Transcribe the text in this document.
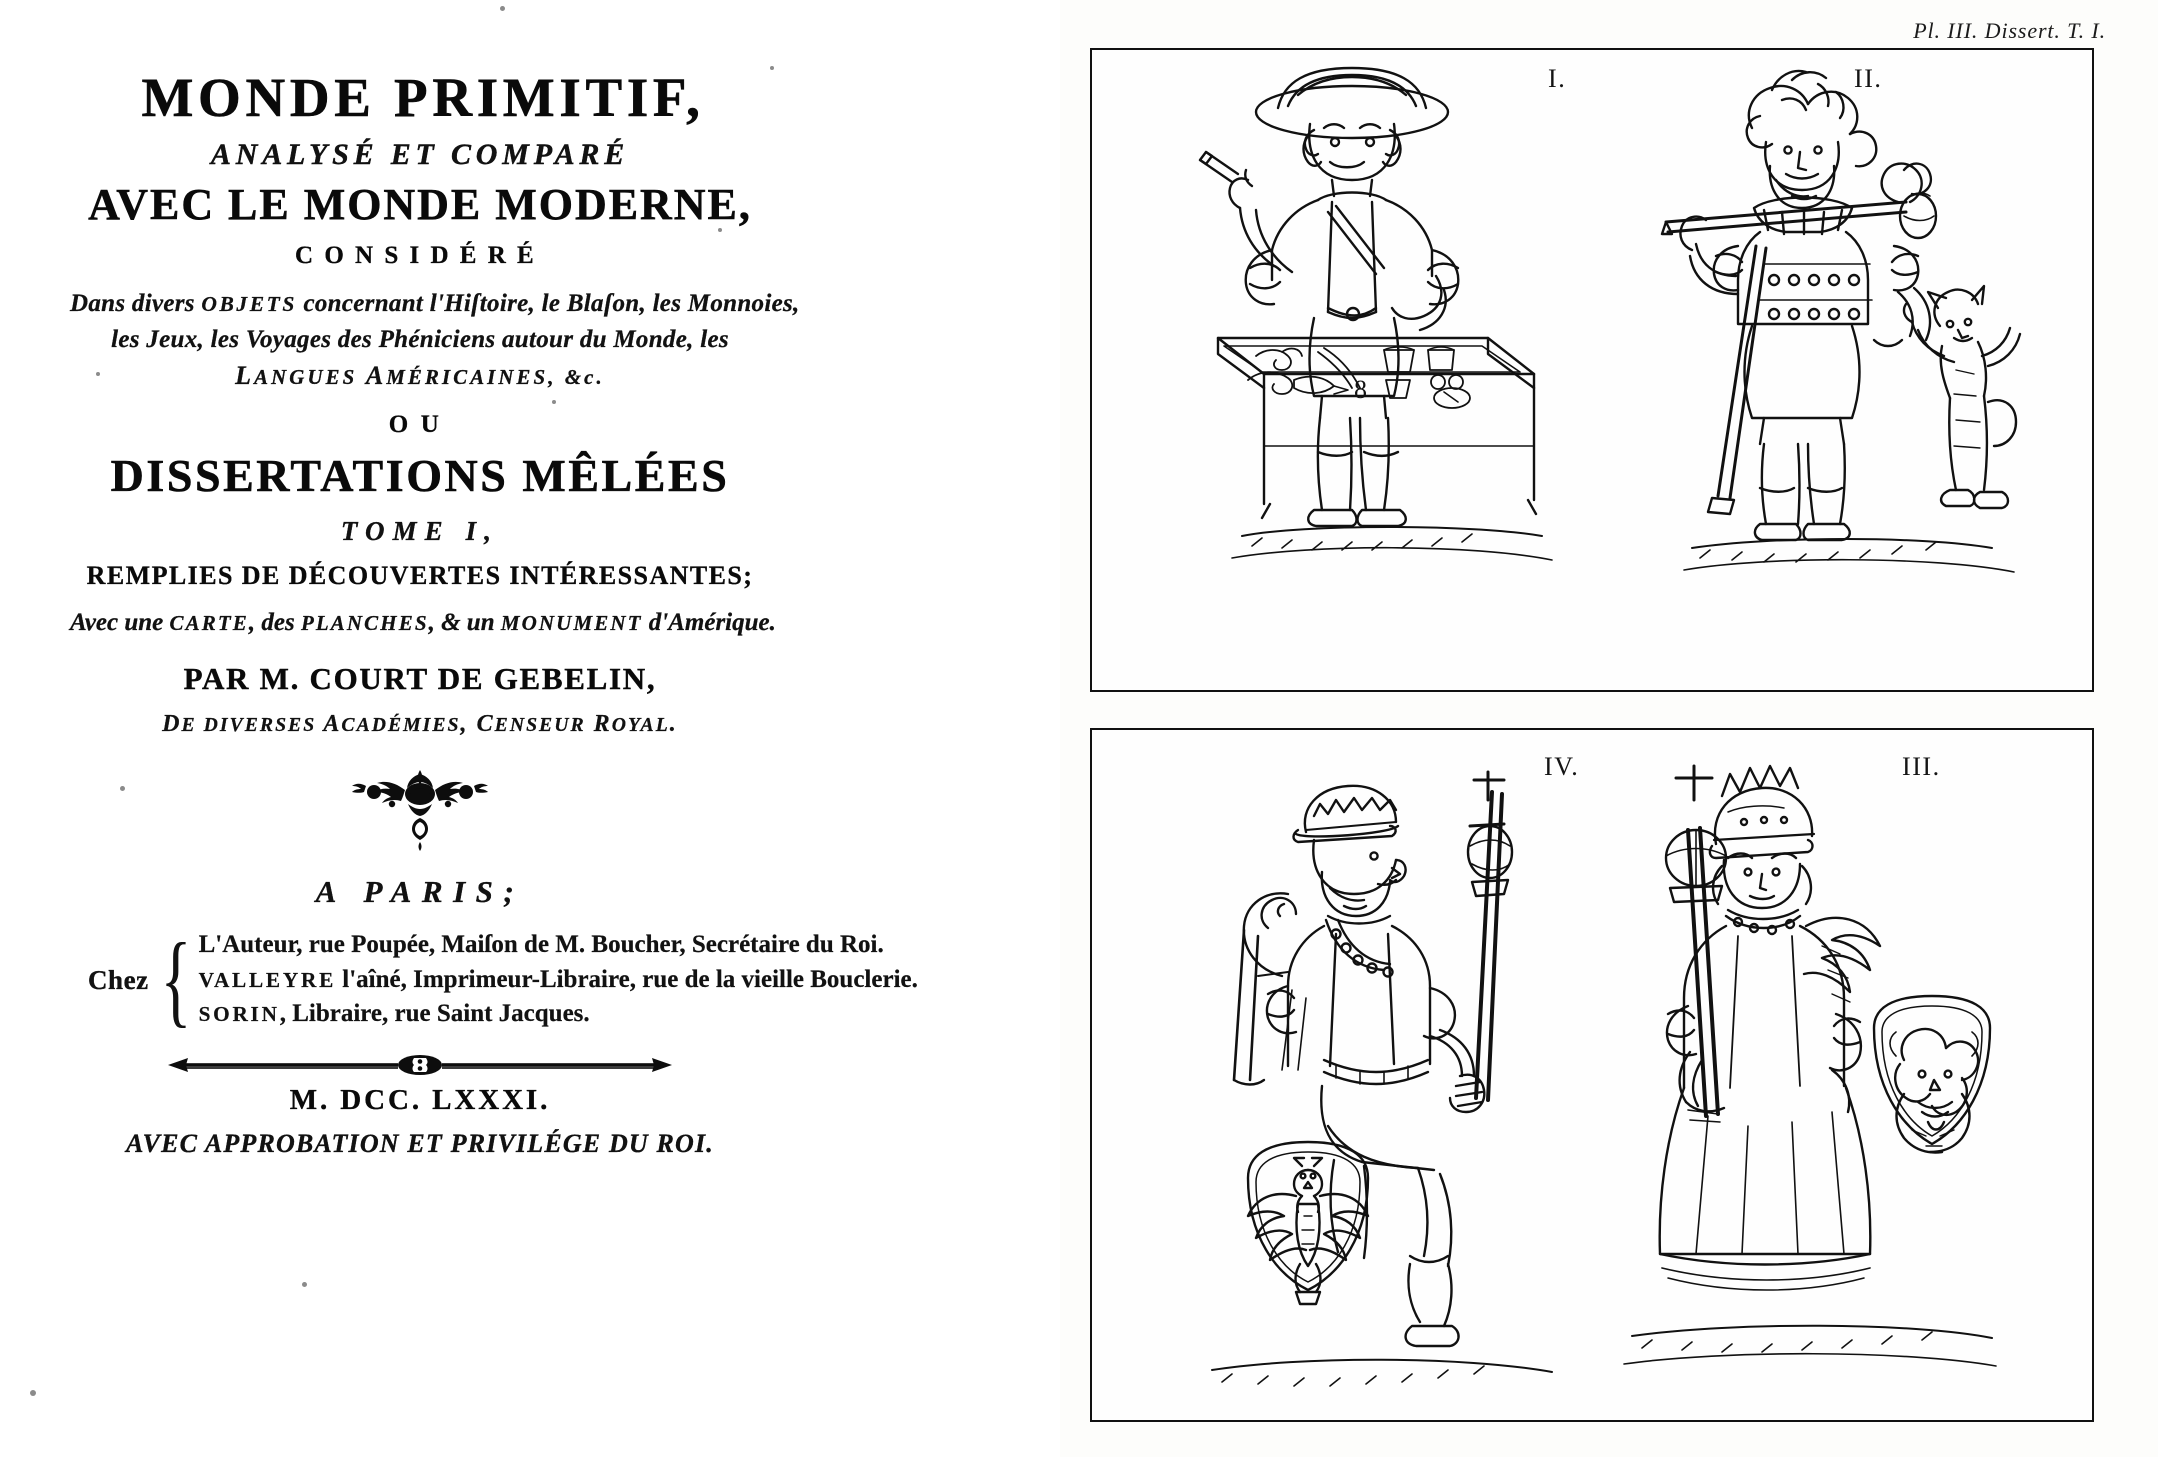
MONDE PRIMITIF,
ANALYSÉ ET COMPARÉ
AVEC LE MONDE MODERNE,
CONSIDÉRÉ
Dans divers OBJETS concernant l'Hiſtoire, le Blaſon, les Monnoies,
les Jeux, les Voyages des Phéniciens autour du Monde, les
LANGUES AMÉRICAINES, &c.
OU
DISSERTATIONS MÊLÉES
TOME I,
REMPLIES DE DÉCOUVERTES INTÉRESSANTES;
Avec une CARTE, des PLANCHES, & un MONUMENT d'Amérique.
PAR M. COURT DE GEBELIN,
DE DIVERSES ACADÉMIES, CENSEUR ROYAL.
A PARIS;
Chez { L'Auteur, rue Poupée, Maiſon de M. Boucher, Secrétaire du Roi.
VALLEYRE l'aîné, Imprimeur-Libraire, rue de la vieille Bouclerie.
SORIN, Libraire, rue Saint Jacques.
M. DCC. LXXXI.
AVEC APPROBATION ET PRIVILÉGE DU ROI.
Pl. III. Dissert. T. I.
8
I.	II.
IV.	III.
